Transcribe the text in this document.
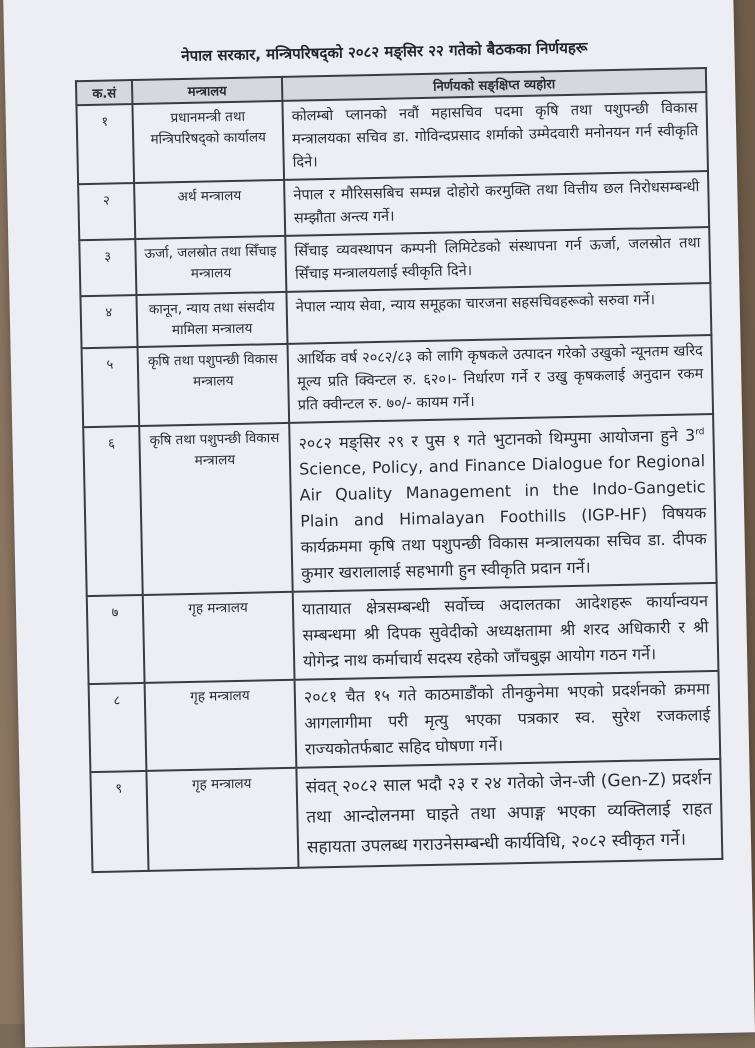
नेपाल सरकार, मन्त्रिपरिषद्को २०८२ मङ्सिर २२ गतेको बैठकका निर्णयहरू
क.सं	मन्त्रालय	निर्णयको सङ्क्षिप्त व्यहोरा
१	प्रधानमन्त्री तथा मन्त्रिपरिषद्को कार्यालय	कोलम्बो प्लानको नवौं महासचिव पदमा कृषि तथा पशुपन्छी विकास मन्त्रालयका सचिव डा. गोविन्दप्रसाद शर्माको उम्मेदवारी मनोनयन गर्न स्वीकृति दिने।
२	अर्थ मन्त्रालय	नेपाल र मौरिससबिच सम्पन्न दोहोरो करमुक्ति तथा वित्तीय छल निरोधसम्बन्धी सम्झौता अन्त्य गर्ने।
३	ऊर्जा, जलस्रोत तथा सिँचाइ मन्त्रालय	सिँचाइ व्यवस्थापन कम्पनी लिमिटेडको संस्थापना गर्न ऊर्जा, जलस्रोत तथा सिँचाइ मन्त्रालयलाई स्वीकृति दिने।
४	कानून, न्याय तथा संसदीय मामिला मन्त्रालय	नेपाल न्याय सेवा, न्याय समूहका चारजना सहसचिवहरूको सरुवा गर्ने।
५	कृषि तथा पशुपन्छी विकास मन्त्रालय	आर्थिक वर्ष २०८२/८३ को लागि कृषकले उत्पादन गरेको उखुको न्यूनतम खरिद मूल्य प्रति क्विन्टल रु. ६२०।- निर्धारण गर्ने र उखु कृषकलाई अनुदान रकम प्रति क्वीन्टल रु. ७०/- कायम गर्ने।
६	कृषि तथा पशुपन्छी विकास मन्त्रालय	२०८२ मङ्सिर २९ र पुस १ गते भुटानको थिम्पुमा आयोजना हुने 3rd Science, Policy, and Finance Dialogue for Regional Air Quality Management in the Indo-Gangetic Plain and Himalayan Foothills (IGP-HF) विषयक कार्यक्रममा कृषि तथा पशुपन्छी विकास मन्त्रालयका सचिव डा. दीपक कुमार खरालालाई सहभागी हुन स्वीकृति प्रदान गर्ने।
७	गृह मन्त्रालय	यातायात क्षेत्रसम्बन्धी सर्वोच्च अदालतका आदेशहरू कार्यान्वयन सम्बन्धमा श्री दिपक सुवेदीको अध्यक्षतामा श्री शरद अधिकारी र श्री योगेन्द्र नाथ कर्माचार्य सदस्य रहेको जाँचबुझ आयोग गठन गर्ने।
८	गृह मन्त्रालय	२०८१ चैत १५ गते काठमाडौंको तीनकुनेमा भएको प्रदर्शनको क्रममा आगलागीमा परी मृत्यु भएका पत्रकार स्व. सुरेश रजकलाई राज्यकोतर्फबाट सहिद घोषणा गर्ने।
९	गृह मन्त्रालय	संवत् २०८२ साल भदौ २३ र २४ गतेको जेन-जी (Gen-Z) प्रदर्शन तथा आन्दोलनमा घाइते तथा अपाङ्ग भएका व्यक्तिलाई राहत सहायता उपलब्ध गराउनेसम्बन्धी कार्यविधि, २०८२ स्वीकृत गर्ने।
